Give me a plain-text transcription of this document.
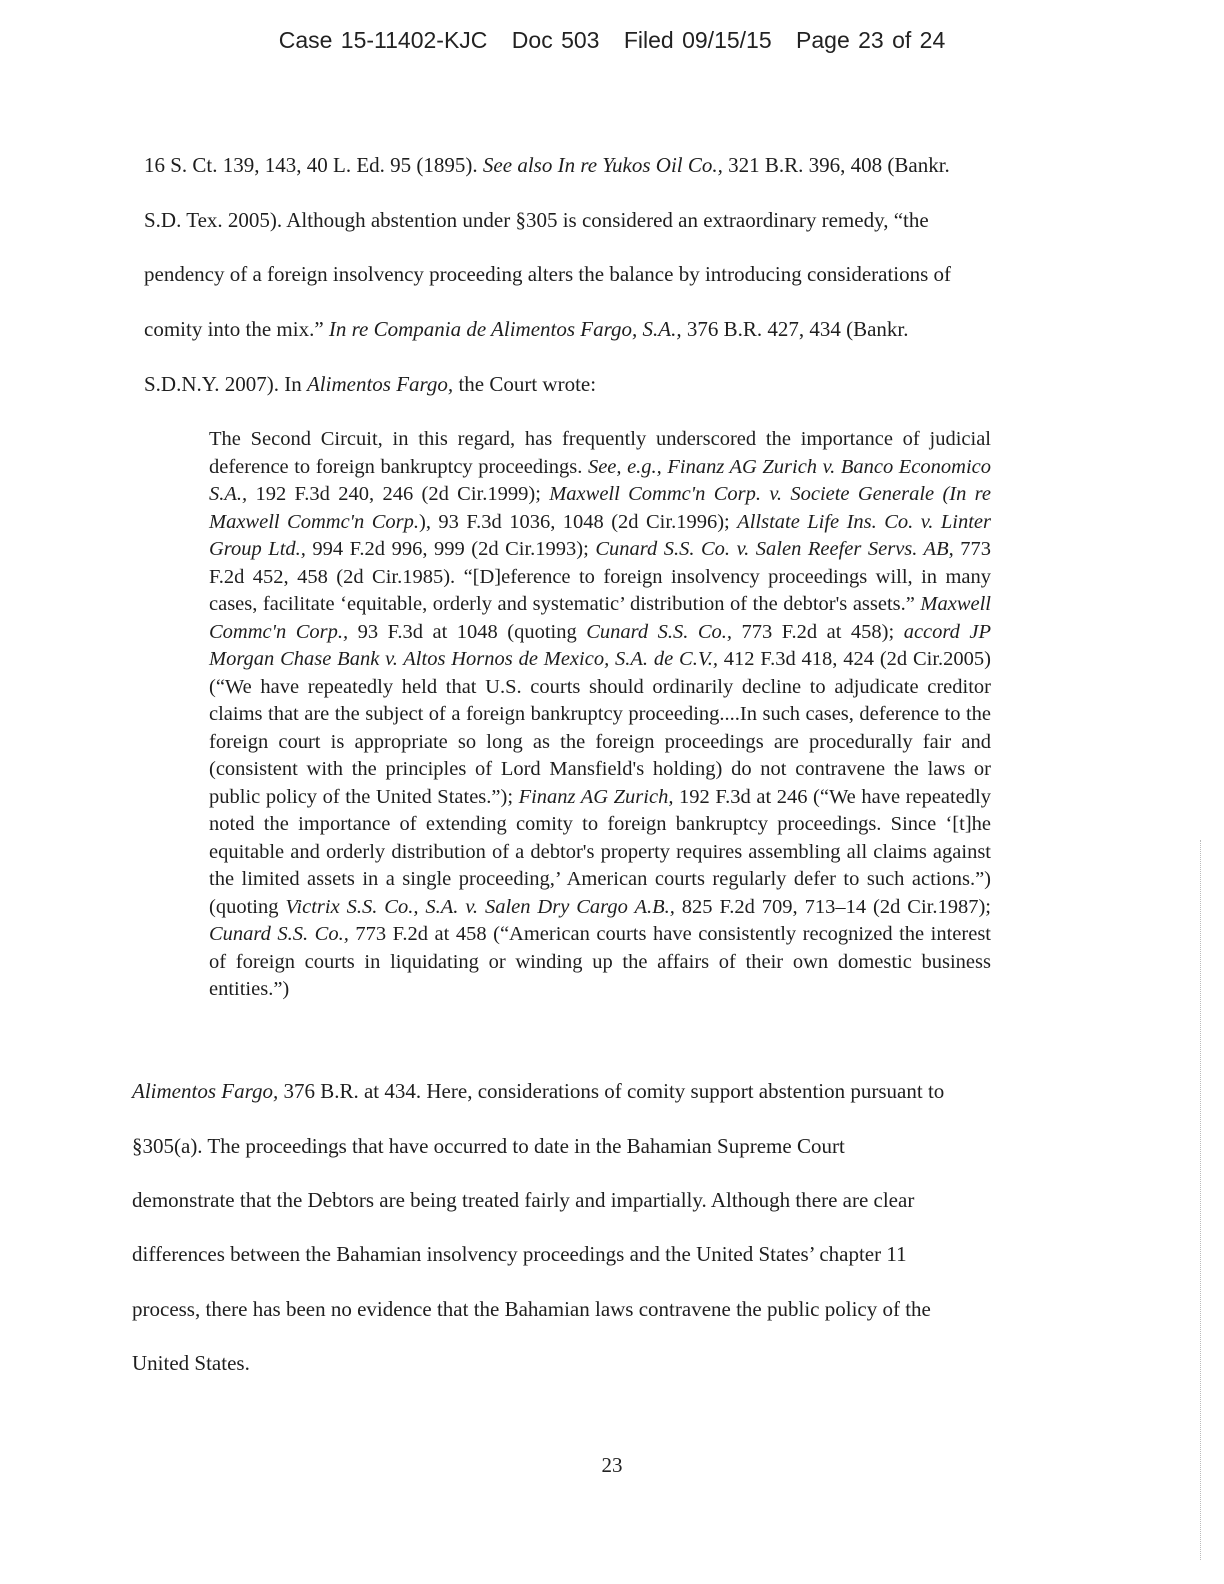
Case 15-11402-KJC Doc 503 Filed 09/15/15 Page 23 of 24
16 S. Ct. 139, 143, 40 L. Ed. 95 (1895). See also In re Yukos Oil Co., 321 B.R. 396, 408 (Bankr.
S.D. Tex. 2005). Although abstention under §305 is considered an extraordinary remedy, “the
pendency of a foreign insolvency proceeding alters the balance by introducing considerations of
comity into the mix.” In re Compania de Alimentos Fargo, S.A., 376 B.R. 427, 434 (Bankr.
S.D.N.Y. 2007). In Alimentos Fargo, the Court wrote:

The Second Circuit, in this regard, has frequently underscored the importance of judicial deference to foreign bankruptcy proceedings. See, e.g., Finanz AG Zurich v. Banco Economico S.A., 192 F.3d 240, 246 (2d Cir.1999); Maxwell Commc'n Corp. v. Societe Generale (In re Maxwell Commc'n Corp.), 93 F.3d 1036, 1048 (2d Cir.1996); Allstate Life Ins. Co. v. Linter Group Ltd., 994 F.2d 996, 999 (2d Cir.1993); Cunard S.S. Co. v. Salen Reefer Servs. AB, 773 F.2d 452, 458 (2d Cir.1985). “[D]eference to foreign insolvency proceedings will, in many cases, facilitate ‘equitable, orderly and systematic’ distribution of the debtor's assets.” Maxwell Commc'n Corp., 93 F.3d at 1048 (quoting Cunard S.S. Co., 773 F.2d at 458); accord JP Morgan Chase Bank v. Altos Hornos de Mexico, S.A. de C.V., 412 F.3d 418, 424 (2d Cir.2005) (“We have repeatedly held that U.S. courts should ordinarily decline to adjudicate creditor claims that are the subject of a foreign bankruptcy proceeding....In such cases, deference to the foreign court is appropriate so long as the foreign proceedings are procedurally fair and (consistent with the principles of Lord Mansfield's holding) do not contravene the laws or public policy of the United States.”); Finanz AG Zurich, 192 F.3d at 246 (“We have repeatedly noted the importance of extending comity to foreign bankruptcy proceedings. Since ‘[t]he equitable and orderly distribution of a debtor's property requires assembling all claims against the limited assets in a single proceeding,’ American courts regularly defer to such actions.”) (quoting Victrix S.S. Co., S.A. v. Salen Dry Cargo A.B., 825 F.2d 709, 713–14 (2d Cir.1987); Cunard S.S. Co., 773 F.2d at 458 (“American courts have consistently recognized the interest of foreign courts in liquidating or winding up the affairs of their own domestic business entities.”)

Alimentos Fargo, 376 B.R. at 434. Here, considerations of comity support abstention pursuant to
§305(a). The proceedings that have occurred to date in the Bahamian Supreme Court
demonstrate that the Debtors are being treated fairly and impartially. Although there are clear
differences between the Bahamian insolvency proceedings and the United States’ chapter 11
process, there has been no evidence that the Bahamian laws contravene the public policy of the
United States.
23
